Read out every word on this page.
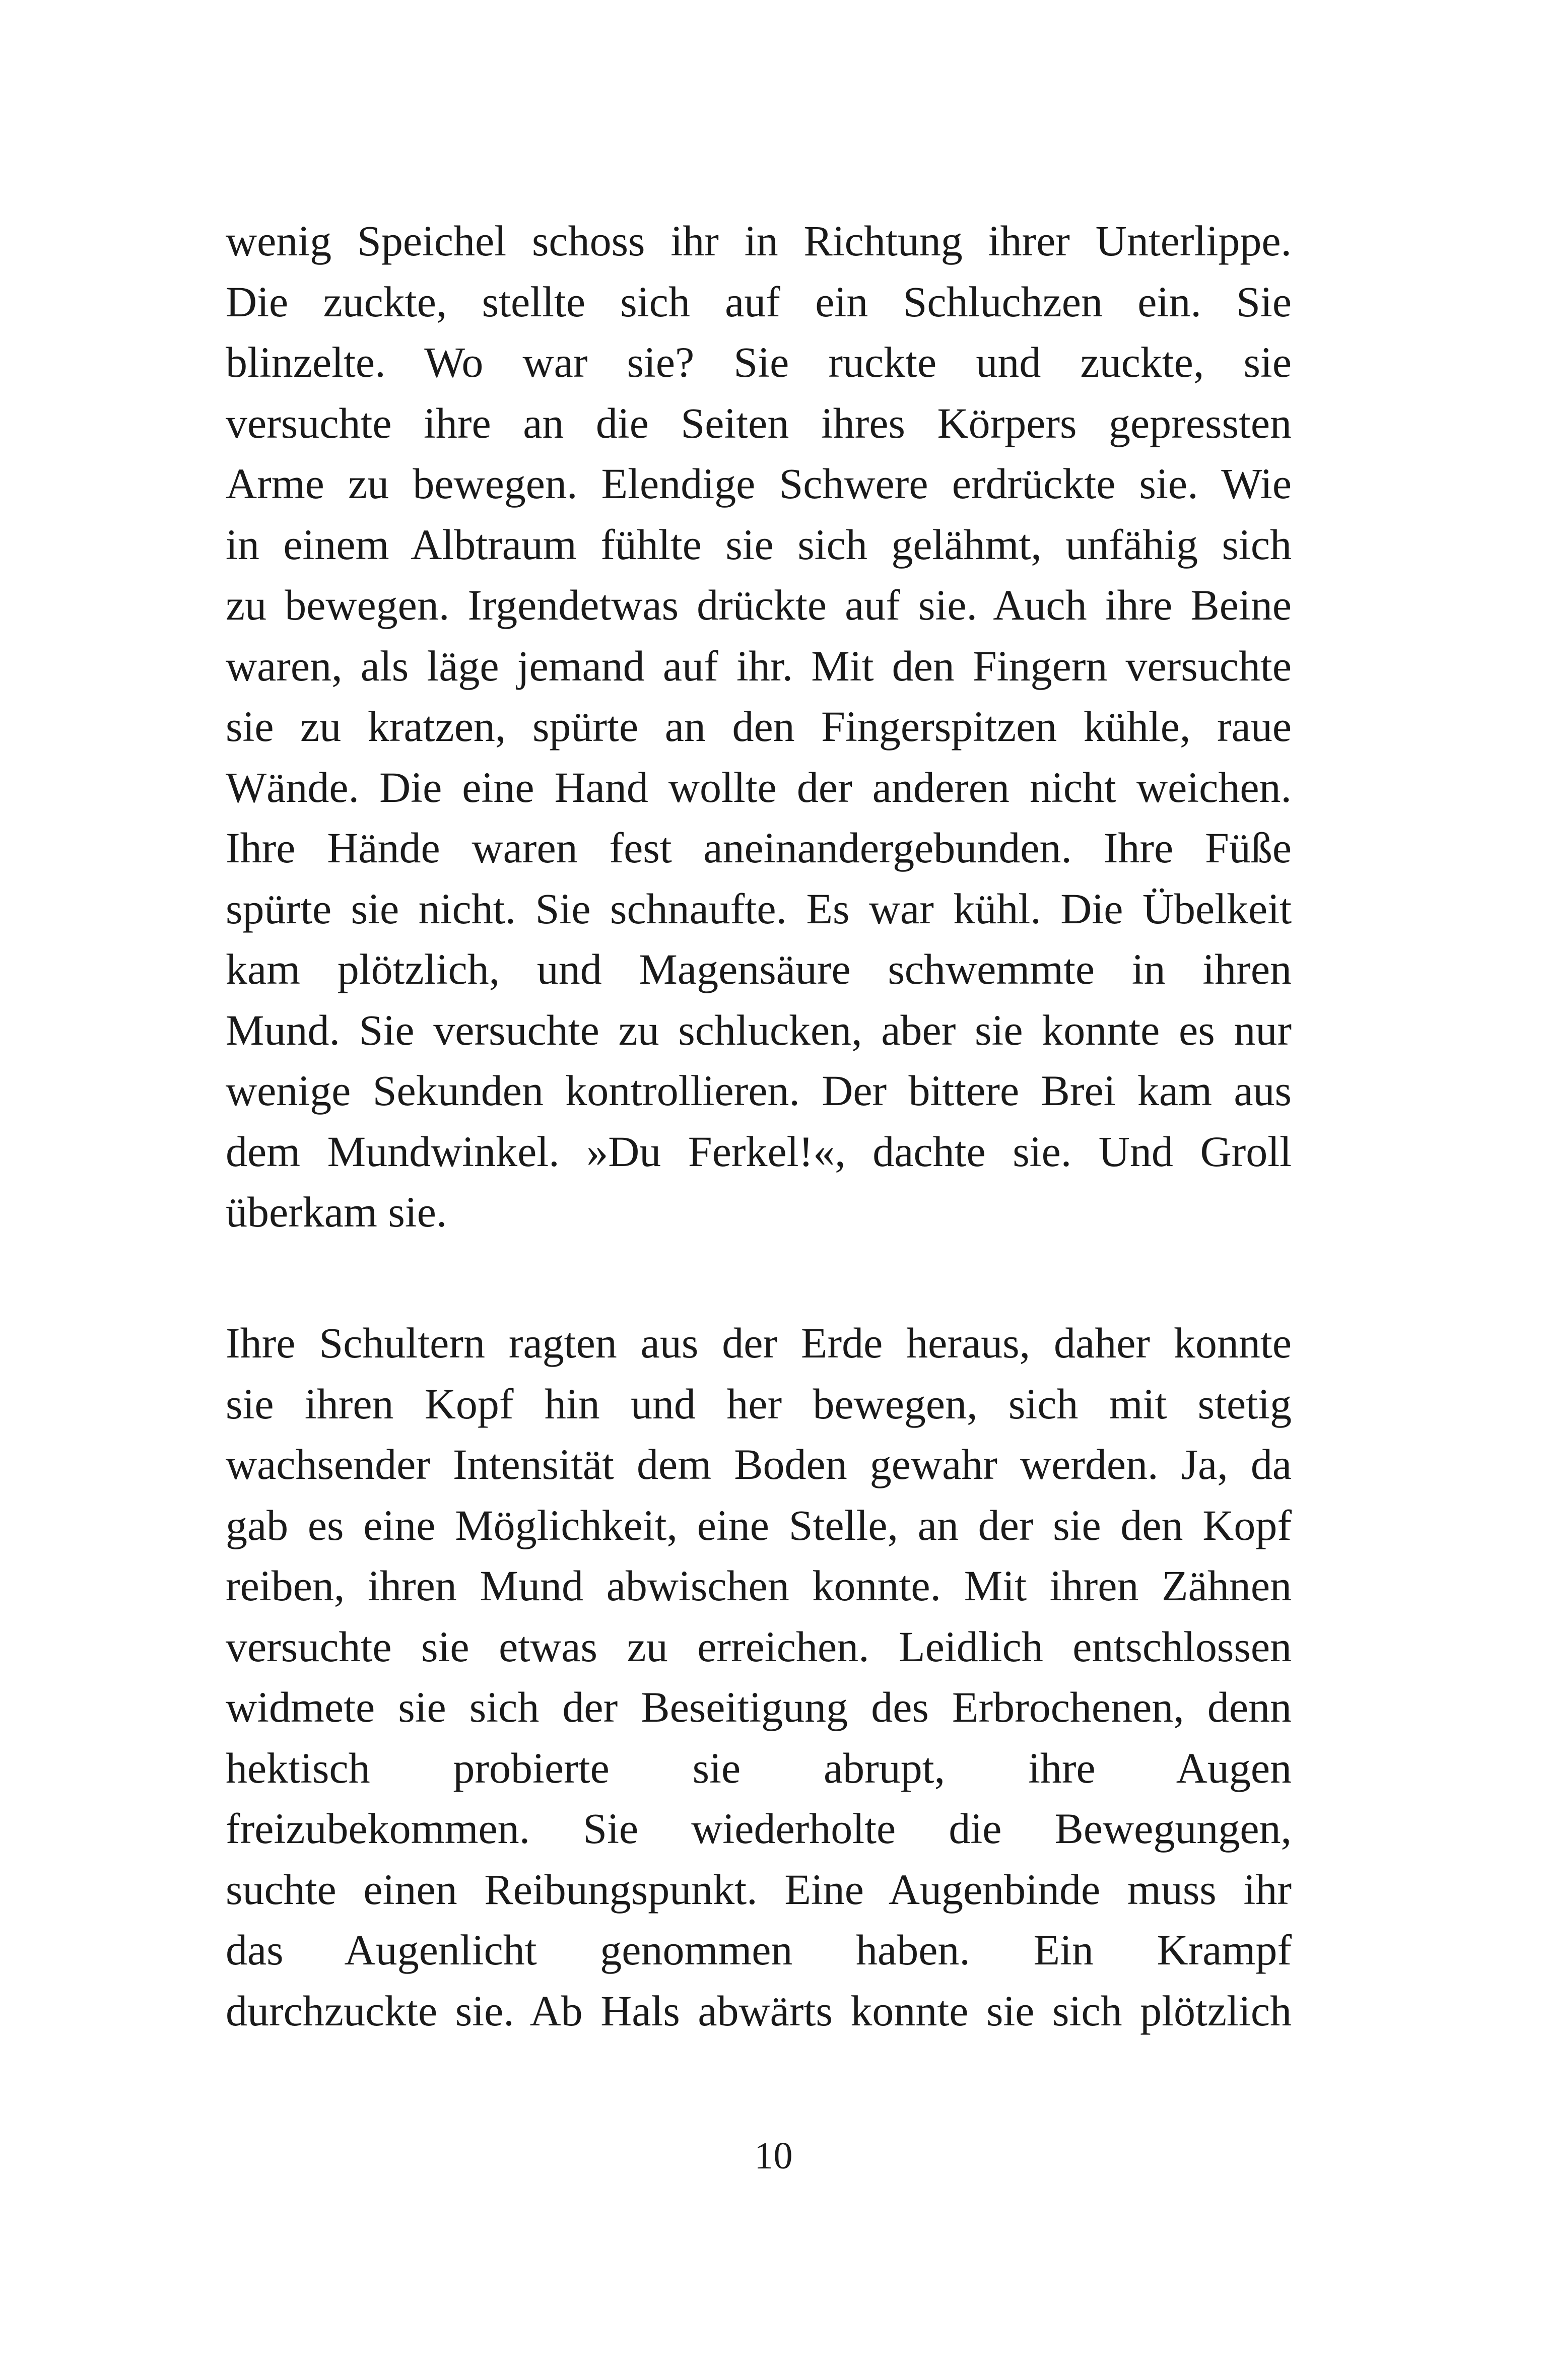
wenig Speichel schoss ihr in Richtung ihrer Unterlippe.
Die zuckte, stellte sich auf ein Schluchzen ein. Sie
blinzelte. Wo war sie? Sie ruckte und zuckte, sie
versuchte ihre an die Seiten ihres Körpers gepressten
Arme zu bewegen. Elendige Schwere erdrückte sie. Wie
in einem Albtraum fühlte sie sich gelähmt, unfähig sich
zu bewegen. Irgendetwas drückte auf sie. Auch ihre Beine
waren, als läge jemand auf ihr. Mit den Fingern versuchte
sie zu kratzen, spürte an den Fingerspitzen kühle, raue
Wände. Die eine Hand wollte der anderen nicht weichen.
Ihre Hände waren fest aneinandergebunden. Ihre Füße
spürte sie nicht. Sie schnaufte. Es war kühl. Die Übelkeit
kam plötzlich, und Magensäure schwemmte in ihren
Mund. Sie versuchte zu schlucken, aber sie konnte es nur
wenige Sekunden kontrollieren. Der bittere Brei kam aus
dem Mundwinkel. »Du Ferkel!«, dachte sie. Und Groll
überkam sie.
Ihre Schultern ragten aus der Erde heraus, daher konnte
sie ihren Kopf hin und her bewegen, sich mit stetig
wachsender Intensität dem Boden gewahr werden. Ja, da
gab es eine Möglichkeit, eine Stelle, an der sie den Kopf
reiben, ihren Mund abwischen konnte. Mit ihren Zähnen
versuchte sie etwas zu erreichen. Leidlich entschlossen
widmete sie sich der Beseitigung des Erbrochenen, denn
hektisch probierte sie abrupt, ihre Augen
freizubekommen. Sie wiederholte die Bewegungen,
suchte einen Reibungspunkt. Eine Augenbinde muss ihr
das Augenlicht genommen haben. Ein Krampf
durchzuckte sie. Ab Hals abwärts konnte sie sich plötzlich
10
